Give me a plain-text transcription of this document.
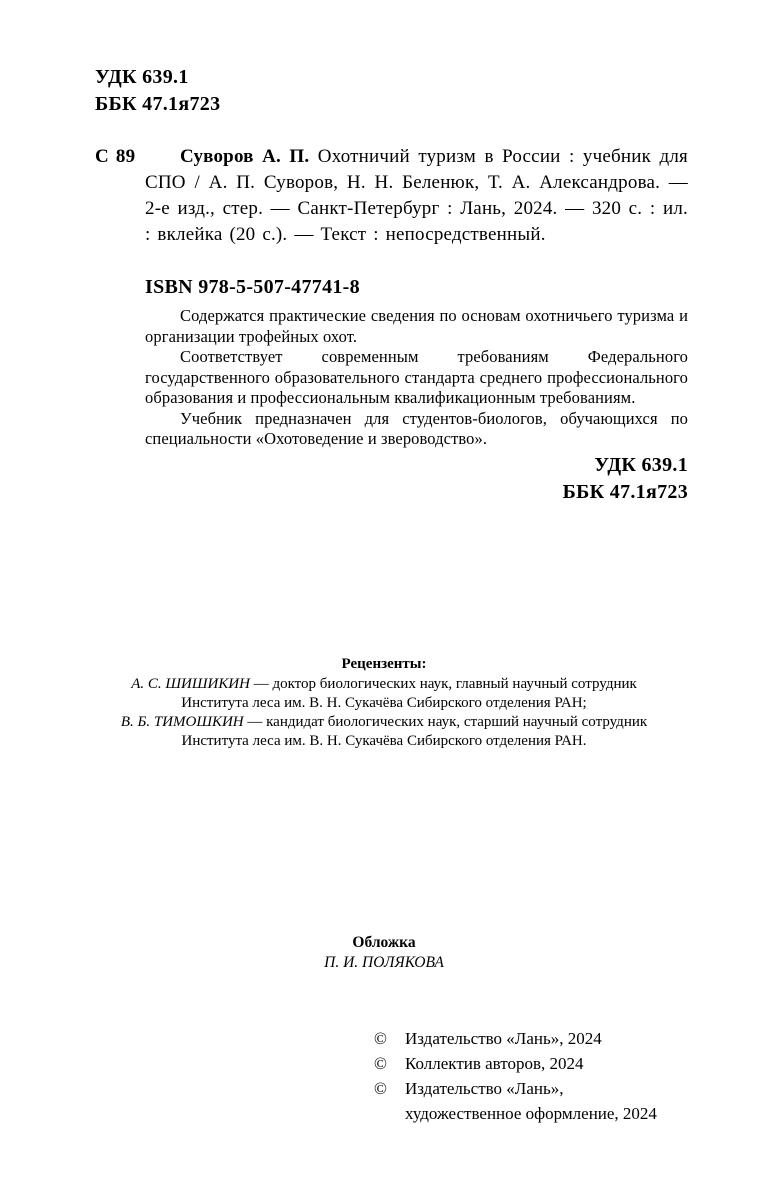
УДК 639.1
ББК 47.1я723

С 89 Суворов А. П. Охотничий туризм в России : учебник для СПО / А. П. Суворов, Н. Н. Беленюк, Т. А. Александрова. — 2-е изд., стер. — Санкт-Петербург : Лань, 2024. — 320 с. : ил. : вклейка (20 с.). — Текст : непосредственный.

ISBN 978-5-507-47741-8

Содержатся практические сведения по основам охотничьего туризма и организации трофейных охот.

Соответствует современным требованиям Федерального государственного образовательного стандарта среднего профессионального образования и профессиональным квалификационным требованиям.

Учебник предназначен для студентов-биологов, обучающихся по специальности «Охотоведение и звероводство».

УДК 639.1
ББК 47.1я723

Рецензенты:

А. С. ШИШИКИН — доктор биологических наук, главный научный сотрудник Института леса им. В. Н. Сукачёва Сибирского отделения РАН;

В. Б. ТИМОШКИН — кандидат биологических наук, старший научный сотрудник Института леса им. В. Н. Сукачёва Сибирского отделения РАН.

Обложка
П. И. ПОЛЯКОВА
©	Издательство «Лань», 2024
©	Коллектив авторов, 2024
©	Издательство «Лань»,
художественное оформление, 2024
